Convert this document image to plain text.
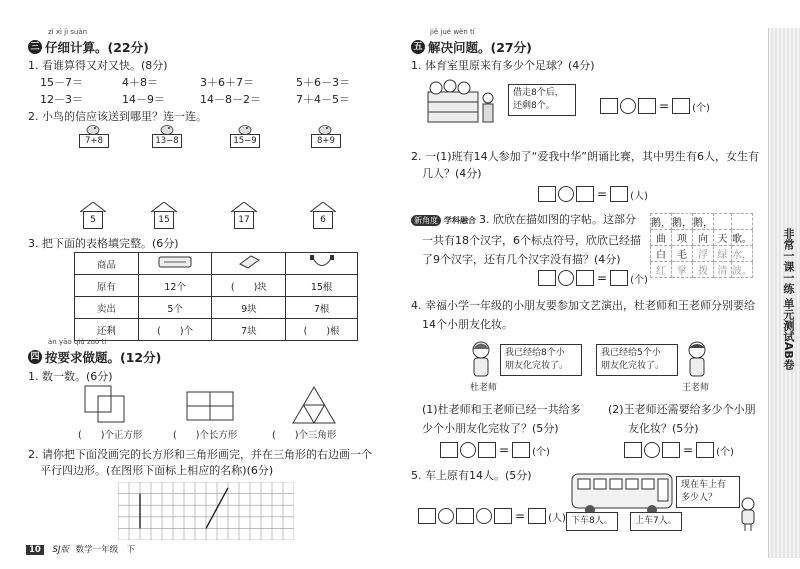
zǐ xì jì suàn
三 仔细计算。(22分)
1. 看谁算得又对又快。(8分)
15－7＝	4＋8＝	3＋6＋7＝	5＋6－3＝
12－3＝	14－9＝	14－8－2＝	7＋4－5＝
2. 小鸟的信应该送到哪里？连一连。
7+8	13−8	15−9	8+9
5	15	17	6
3. 把下面的表格填完整。(6分)
商品			
原有	12个	(　　)块	15根
卖出	5个	9块	7根
还剩	(　　)个	7块	(　　)根
àn yāo qiú zuò tí
四 按要求做题。(12分)
1. 数一数。(6分)
(　　)个正方形	(　　)个长方形	(　　)个三角形
2. 请你把下面没画完的长方形和三角形画完，并在三角形的右边画一个
平行四边形。(在图形下面标上相应的名称)(6分)
10 SJ版 数学一年级　下
jiě jué wèn tí
五 解决问题。(27分)
1. 体育室里原来有多少个足球？(4分)
借走8个后，
还剩8个。	= (个)
2. 一(1)班有14人参加了“爱我中华”朗诵比赛，其中男生有6人，女生有
几人？(4分)
= (人)
新角度 学科融合 3. 欣欣在描如图的字帖。这部分
一共有18个汉字，6个标点符号，欣欣已经描
了9个汉字，还有几个汉字没有描？(4分)
= (个)
鹅，	鹅，	鹅，		
曲	项	向	天	歌。
白	毛	浮	绿	水，
红	掌	拨	清	波。
4. 幸福小学一年级的小朋友要参加文艺演出，杜老师和王老师分别要给
14个小朋友化妆。
我已经给8个小
朋友化完妆了。
杜老师
我已经给5个小
朋友化完妆了。
王老师
(1)杜老师和王老师已经一共给多
少个小朋友化完妆了？(5分)
(2)王老师还需要给多少个小朋
友化妆？(5分)
= (个)	= (个)
5. 车上原有14人。(5分)
= (人) 下车8人。	上车7人。
现在车上有
多少人？
非常一课一练 单元测试AB卷
